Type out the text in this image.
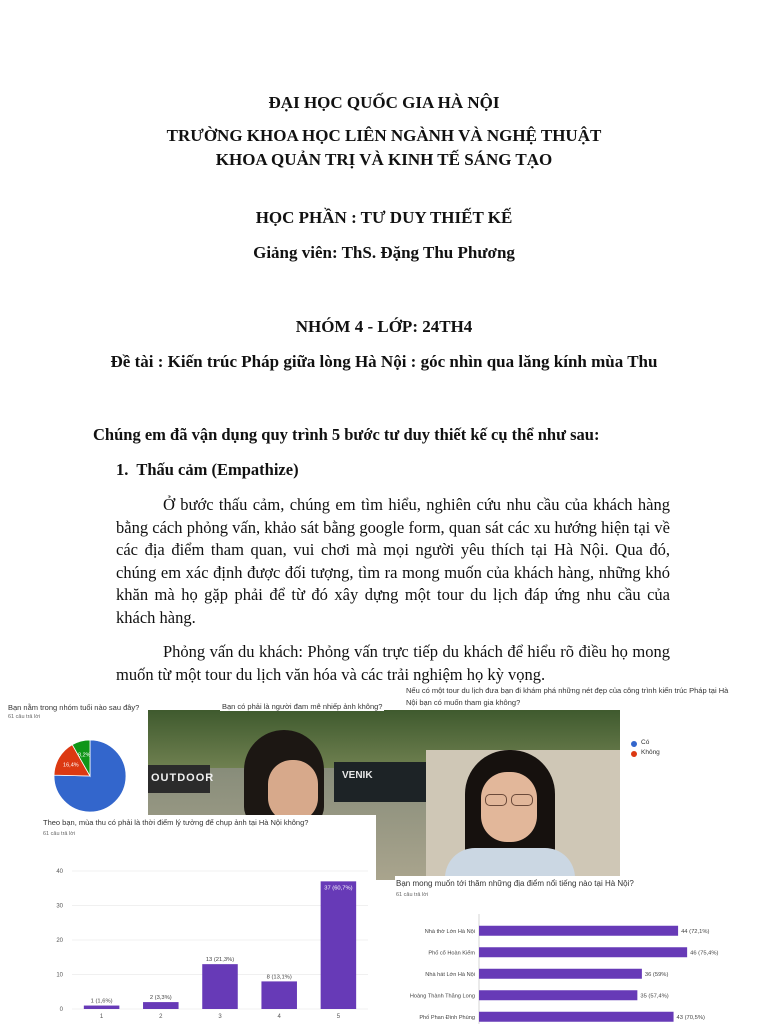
ĐẠI HỌC QUỐC GIA HÀ NỘI
TRƯỜNG KHOA HỌC LIÊN NGÀNH VÀ NGHỆ THUẬT
KHOA QUẢN TRỊ VÀ KINH TẾ SÁNG TẠO
HỌC PHẦN : TƯ DUY THIẾT KẾ
Giảng viên: ThS. Đặng Thu Phương
NHÓM 4 - LỚP: 24TH4
Đề tài : Kiến trúc Pháp giữa lòng Hà Nội : góc nhìn qua lăng kính mùa Thu
Chúng em đã vận dụng quy trình 5 bước tư duy thiết kế cụ thể như sau:
1.  Thấu cảm (Empathize)
Ở bước thấu cảm, chúng em tìm hiểu, nghiên cứu nhu cầu của khách hàng bằng cách phỏng vấn, khảo sát bằng google form, quan sát các xu hướng hiện tại về các địa điểm tham quan, vui chơi mà mọi người yêu thích tại Hà Nội. Qua đó, chúng em xác định được đối tượng, tìm ra mong muốn của khách hàng, những khó khăn mà họ gặp phải để từ đó xây dựng một tour du lịch đáp ứng nhu cầu của khách hàng.
Phỏng vấn du khách: Phỏng vấn trực tiếp du khách để hiểu rõ điều họ mong muốn từ một tour du lịch văn hóa và các trải nghiệm họ kỳ vọng.
Bạn nằm trong nhóm tuổi nào sau đây?
61 câu trả lời
16,4%
8,2%
OUTDOOR	VENIK
Bạn có phải là người đam mê nhiếp ảnh không?
Nếu có một tour du lịch đưa bạn đi khám phá những nét đẹp của công trình kiến trúc Pháp tại Hà
Nội bạn có muốn tham gia không?
Có
Không
Theo bạn, mùa thu có phải là thời điểm lý tưởng để chụp ảnh tại Hà Nội không?
61 câu trả lời
0
10
20
30
40
1 (1,6%)
1
2 (3,3%)
2
13 (21,3%)
3
8 (13,1%)
4
37 (60,7%)
5
Bạn mong muốn tới thăm những địa điểm nổi tiếng nào tại Hà Nội?
61 câu trả lời
Nhà thờ Lớn Hà Nội	44 (72,1%)
Phố cổ Hoàn Kiếm	46 (75,4%)
Nhà hát Lớn Hà Nội	36 (59%)
Hoàng Thành Thăng Long	35 (57,4%)
Phố Phan Đình Phùng	43 (70,5%)
